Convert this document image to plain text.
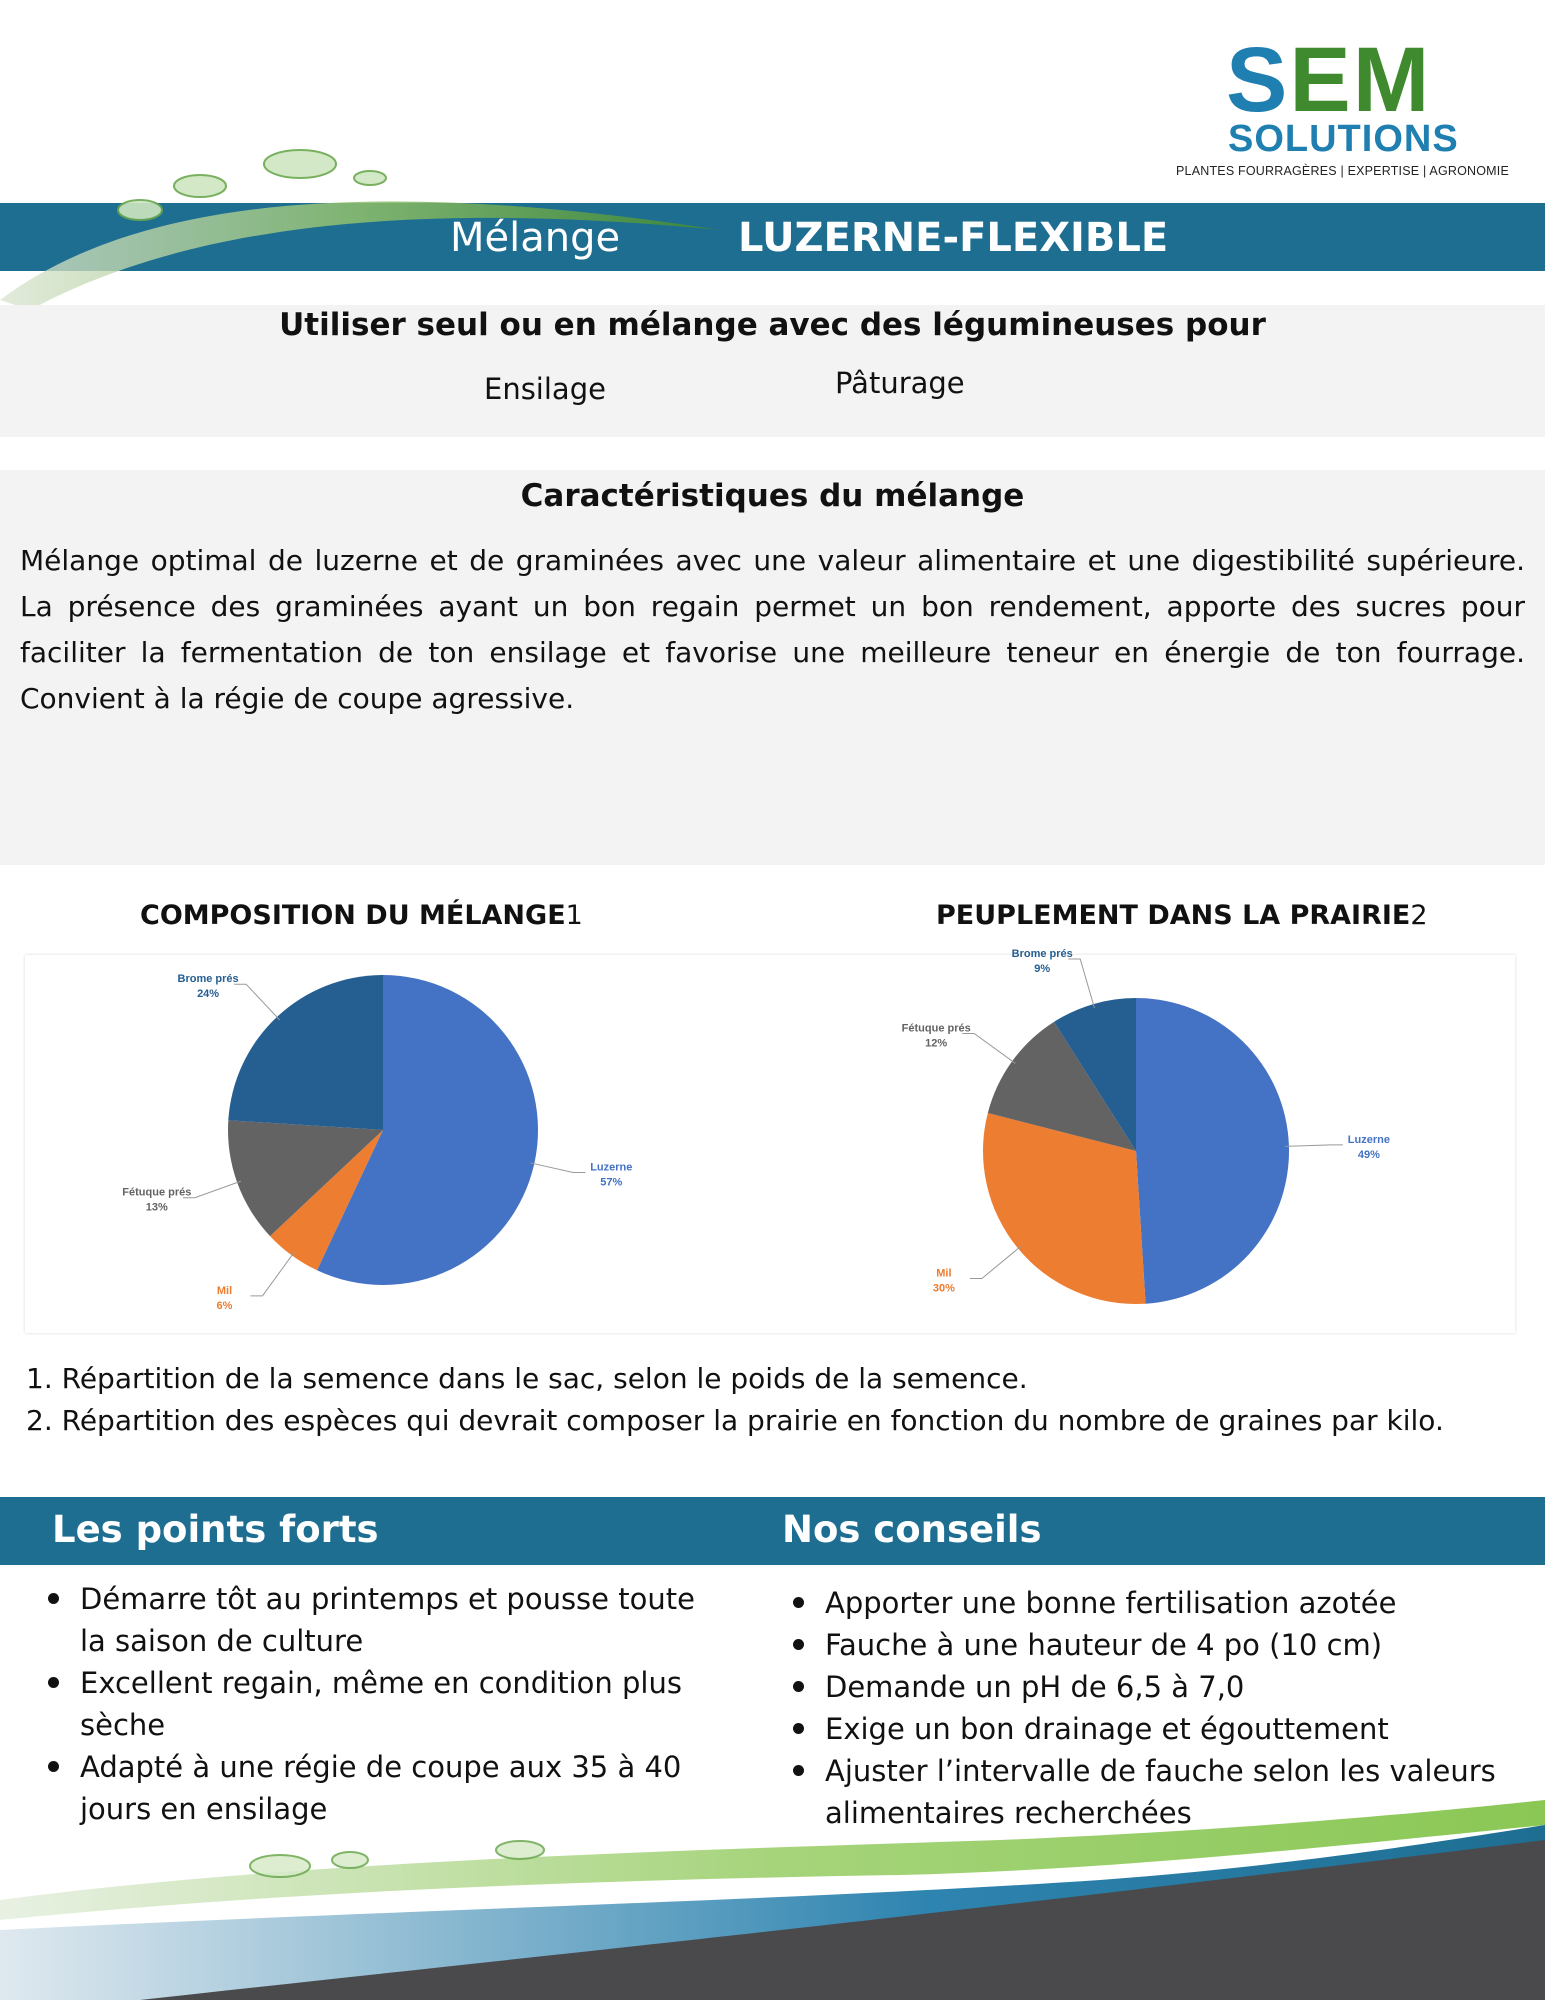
SEM
SOLUTIONS
PLANTES FOURRAGÈRES | EXPERTISE | AGRONOMIE
Mélange	LUZERNE-FLEXIBLE
Utiliser seul ou en mélange avec des légumineuses pour
Ensilage	Pâturage
Caractéristiques du mélange
Mélange optimal de luzerne et de graminées avec une valeur alimentaire et une digestibilité supérieure. La présence des graminées ayant un bon regain permet un bon rendement, apporte des sucres pour faciliter la fermentation de ton ensilage et favorise une meilleure teneur en énergie de ton fourrage. Convient à la régie de coupe agressive.
COMPOSITION DU MÉLANGE1	PEUPLEMENT DANS LA PRAIRIE2
Luzerne
57%
Mil
6%
Fétuque prés
13%
Brome prés
24%
Luzerne
49%
Mil
30%
Fétuque prés
12%
Brome prés
9%
1. Répartition de la semence dans le sac, selon le poids de la semence.
2. Répartition des espèces qui devrait composer la prairie en fonction du nombre de graines par kilo.
Les points forts	Nos conseils
Démarre tôt au printemps et pousse toute la saison de culture
Excellent regain, même en condition plus sèche
Adapté à une régie de coupe aux 35 à 40 jours en ensilage
Apporter une bonne fertilisation azotée
Fauche à une hauteur de 4 po (10 cm)
Demande un pH de 6,5 à 7,0
Exige un bon drainage et égouttement
Ajuster l’intervalle de fauche selon les valeurs alimentaires recherchées
